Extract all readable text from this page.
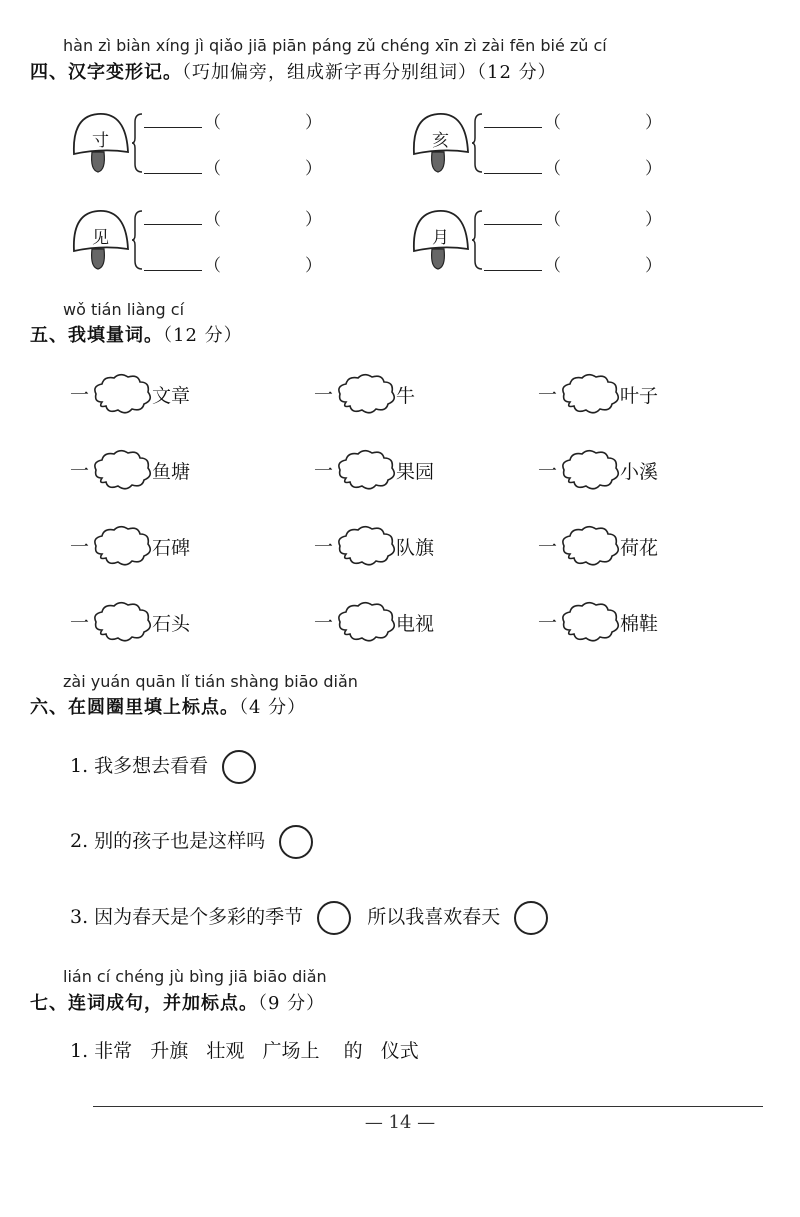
hàn zì biàn xíng jì qiǎo jiā piān páng zǔ chéng xīn zì zài fēn bié zǔ cí
四、汉字变形记。（巧加偏旁，组成新字再分别组词）（12 分）
寸
（	）
（	）
亥
（	）
（	）
见
（	）
（	）
月
（	）
（	）
wǒ tián liàng cí
五、我填量词。（12 分）
一	文章	一	牛	一	叶子
一	鱼塘	一	果园	一	小溪
一	石碑	一	队旗	一	荷花
一	石头	一	电视	一	棉鞋
zài yuán quān lǐ tián shàng biāo diǎn
六、在圆圈里填上标点。（4 分）
1. 我多想去看看
2. 别的孩子也是这样吗
3. 因为春天是个多彩的季节	所以我喜欢春天
lián cí chéng jù bìng jiā biāo diǎn
七、连词成句，并加标点。（9 分）
1. 非常   升旗   壮观   广场上    的   仪式
— 14 —
